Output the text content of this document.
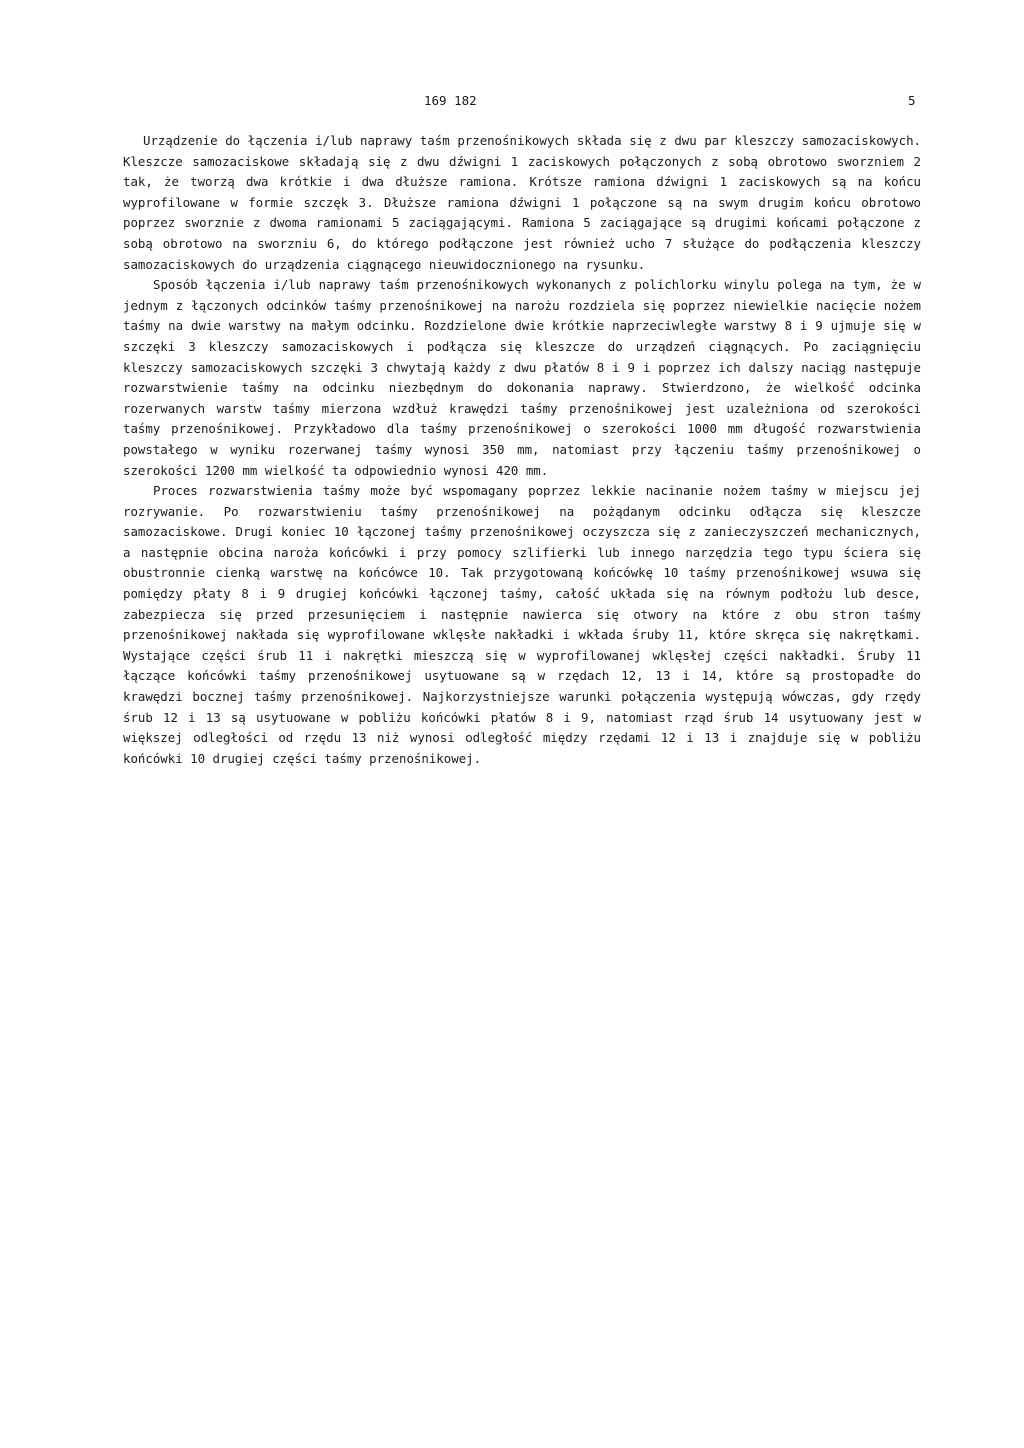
169 182	5

Urządzenie do łączenia i/lub naprawy taśm przenośnikowych składa się z dwu par kleszczy samozaciskowych. Kleszcze samozaciskowe składają się z dwu dźwigni 1 zaciskowych połączonych z sobą obrotowo sworzniem 2 tak, że tworzą dwa krótkie i dwa dłuższe ramiona. Krótsze ramiona dźwigni 1 zaciskowych są na końcu wyprofilowane w formie szczęk 3. Dłuższe ramiona dźwigni 1 połączone są na swym drugim końcu obrotowo poprzez sworznie z dwoma ramionami 5 zaciągającymi. Ramiona 5 zaciągające są drugimi końcami połączone z sobą obrotowo na sworzniu 6, do którego podłączone jest również ucho 7 służące do podłączenia kleszczy samozaciskowych do urządzenia ciągnącego nieuwidocznionego na rysunku.

Sposób łączenia i/lub naprawy taśm przenośnikowych wykonanych z polichlorku winylu polega na tym, że w jednym z łączonych odcinków taśmy przenośnikowej na narożu rozdziela się poprzez niewielkie nacięcie nożem taśmy na dwie warstwy na małym odcinku. Rozdzielone dwie krótkie naprzeciwległe warstwy 8 i 9 ujmuje się w szczęki 3 kleszczy samozaciskowych i podłącza się kleszcze do urządzeń ciągnących. Po zaciągnięciu kleszczy samozaciskowych szczęki 3 chwytają każdy z dwu płatów 8 i 9 i poprzez ich dalszy naciąg następuje rozwarstwienie taśmy na odcinku niezbędnym do dokonania naprawy. Stwierdzono, że wielkość odcinka rozerwanych warstw taśmy mierzona wzdłuż krawędzi taśmy przenośnikowej jest uzależniona od szerokości taśmy przenośnikowej. Przykładowo dla taśmy przenośnikowej o szerokości 1000 mm długość rozwarstwienia powstałego w wyniku rozerwanej taśmy wynosi 350 mm, natomiast przy łączeniu taśmy przenośnikowej o szerokości 1200 mm wielkość ta odpowiednio wynosi 420 mm.

Proces rozwarstwienia taśmy może być wspomagany poprzez lekkie nacinanie nożem taśmy w miejscu jej rozrywanie. Po rozwarstwieniu taśmy przenośnikowej na pożądanym odcinku odłącza się kleszcze samozaciskowe. Drugi koniec 10 łączonej taśmy przenośnikowej oczyszcza się z zanieczyszczeń mechanicznych, a następnie obcina naroża końcówki i przy pomocy szlifierki lub innego narzędzia tego typu ściera się obustronnie cienką warstwę na końcówce 10. Tak przygotowaną końcówkę 10 taśmy przenośnikowej wsuwa się pomiędzy płaty 8 i 9 drugiej końcówki łączonej taśmy, całość układa się na równym podłożu lub desce, zabezpiecza się przed przesunięciem i następnie nawierca się otwory na które z obu stron taśmy przenośnikowej nakłada się wyprofilowane wklęsłe nakładki i wkłada śruby 11, które skręca się nakrętkami. Wystające części śrub 11 i nakrętki mieszczą się w wyprofilowanej wklęsłej części nakładki. Śruby 11 łączące końcówki taśmy przenośnikowej usytuowane są w rzędach 12, 13 i 14, które są prostopadłe do krawędzi bocznej taśmy przenośnikowej. Najkorzystniejsze warunki połączenia występują wówczas, gdy rzędy śrub 12 i 13 są usytuowane w pobliżu końcówki płatów 8 i 9, natomiast rząd śrub 14 usytuowany jest w większej odległości od rzędu 13 niż wynosi odległość między rzędami 12 i 13 i znajduje się w pobliżu końcówki 10 drugiej części taśmy przenośnikowej.
